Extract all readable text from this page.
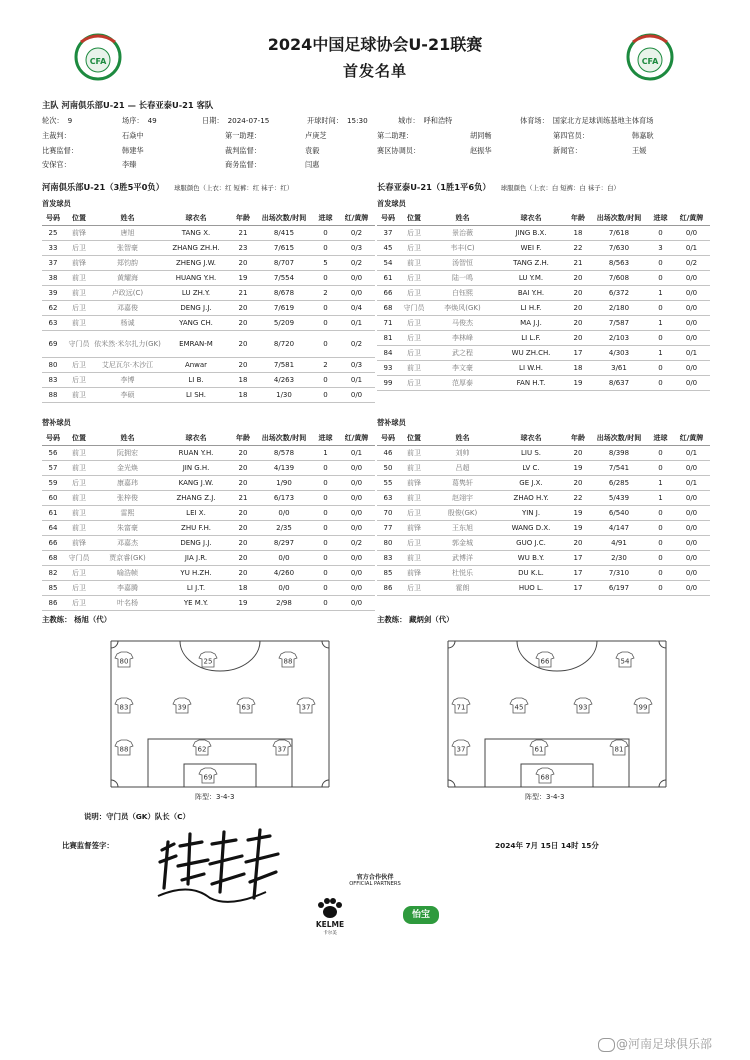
CFA	CFA
2024中国足球协会U-21联赛
首发名单
主队 河南俱乐部U-21 — 长春亚泰U-21 客队
轮次： 9	场序： 49	日期： 2024-07-15	开球时间： 15:30	城市： 呼和浩特	体育场： 国家北方足球训练基地主体育场
主裁判：	石焱中	第一助理：	卢庚芝	第二助理：	胡同畅	第四官员：	韩嘉耿
比赛监督：	韩建华	裁判监督：	袁毅	赛区协调员：	赵振华	新闻官：	王媛
安保官：	李臻	商务监督：	闫惠
河南俱乐部U-21（3胜5平0负） 球服颜色（上衣：红 短裤：红 袜子：红）	长春亚泰U-21（1胜1平6负） 球服颜色（上衣：白 短裤：白 袜子：白）
首发球员	首发球员
号码	位置	姓名	球衣名	年龄	出场次数/时间	进球	红/黄牌
25	前锋	唐旭	TANG X.	21	8/415	0	0/2
33	后卫	张智豪	ZHANG ZH.H.	23	7/615	0	0/3
37	前锋	郑钧韵	ZHENG J.W.	20	8/707	5	0/2
38	前卫	黄耀海	HUANG Y.H.	19	7/554	0	0/0
39	前卫	卢政远(C)	LU ZH.Y.	21	8/678	2	0/0
62	后卫	邓嘉俊	DENG J.J.	20	7/619	0	0/4
63	前卫	杨诚	YANG CH.	20	5/209	0	0/1
69	守门员	依米然·米尔扎力(GK)	EMRAN-M	20	8/720	0	0/2
80	后卫	艾尼瓦尔·木沙江	Anwar	20	7/581	2	0/3
83	后卫	李博	LI B.	18	4/263	0	0/1
88	前卫	李硕	LI SH.	18	1/30	0	0/0
号码	位置	姓名	球衣名	年龄	出场次数/时间	进球	红/黄牌
37	后卫	景治薇	JING B.X.	18	7/618	0	0/0
45	后卫	韦丰(C)	WEI F.	22	7/630	3	0/1
54	前卫	汤智恒	TANG Z.H.	21	8/563	0	0/2
61	后卫	陆一鸣	LU Y.M.	20	7/608	0	0/0
66	后卫	白钰熙	BAI Y.H.	20	6/372	1	0/0
68	守门员	李焕风(GK)	LI H.F.	20	2/180	0	0/0
71	后卫	马俊杰	MA J.J.	20	7/587	1	0/0
81	后卫	李林峰	LI L.F.	20	2/103	0	0/0
84	后卫	武之程	WU ZH.CH.	17	4/303	1	0/1
93	前卫	李文豪	LI W.H.	18	3/61	0	0/0
99	后卫	范厚泰	FAN H.T.	19	8/637	0	0/0
替补球员	替补球员
号码	位置	姓名	球衣名	年龄	出场次数/时间	进球	红/黄牌
56	前卫	阮拥宏	RUAN Y.H.	20	8/578	1	0/1
57	前卫	金光焕	JIN G.H.	20	4/139	0	0/0
59	后卫	康嘉玮	KANG J.W.	20	1/90	0	0/0
60	前卫	张梓俊	ZHANG Z.J.	21	6/173	0	0/0
61	前卫	雷熙	LEI X.	20	0/0	0	0/0
64	前卫	朱富豪	ZHU F.H.	20	2/35	0	0/0
66	前锋	邓嘉杰	DENG J.J.	20	8/297	0	0/2
68	守门员	贾京睿(GK)	JIA J.R.	20	0/0	0	0/0
82	后卫	喻浩帧	YU H.ZH.	20	4/260	0	0/0
85	后卫	李嘉腾	LI J.T.	18	0/0	0	0/0
86	后卫	叶名杨	YE M.Y.	19	2/98	0	0/0
号码	位置	姓名	球衣名	年龄	出场次数/时间	进球	红/黄牌
46	前卫	刘帅	LIU S.	20	8/398	0	0/1
50	前卫	吕超	LV C.	19	7/541	0	0/0
55	前锋	葛隽轩	GE J.X.	20	6/285	1	0/1
63	前卫	赵翊宇	ZHAO H.Y.	22	5/439	1	0/0
70	后卫	殷俊(GK)	YIN J.	19	6/540	0	0/0
77	前锋	王东旭	WANG D.X.	19	4/147	0	0/0
80	后卫	郭金城	GUO J.C.	20	4/91	0	0/0
83	前卫	武博洋	WU B.Y.	17	2/30	0	0/0
85	前锋	杜悦乐	DU K.L.	17	7/310	0	0/0
86	后卫	霍朗	HUO L.	17	6/197	0	0/0
主教练： 杨旭（代）	主教练： 藏炳剑（代）
80	25	88
83	39	63	37
88	62	37
69
66	54
71	45	93	99
37	61	81
68
阵型：3-4-3	阵型：3-4-3
说明：守门员（GK）队长（C）
比赛监督签字：	2024年 7月 15日 14时 15分
官方合作伙伴
OFFICIAL PARTNERS
KELME
卡尔美
怡宝
@河南足球俱乐部
